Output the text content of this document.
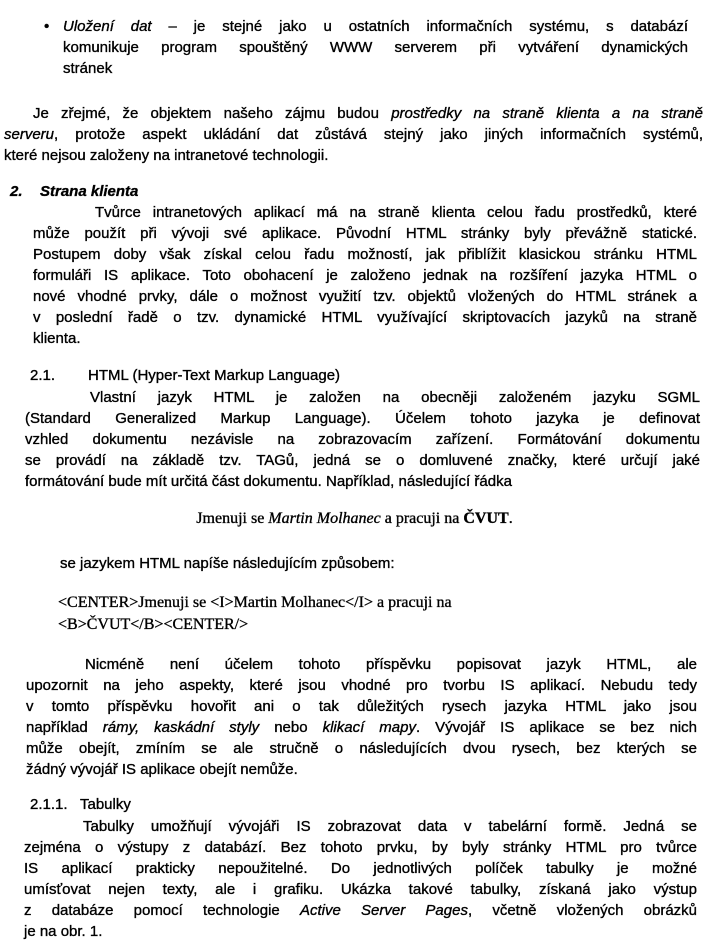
Uložení dat – je stejné jako u ostatních informačních systému, s databází
komunikuje program spouštěný WWW serverem při vytváření dynamických
stránek
•
Je zřejmé, že objektem našeho zájmu budou prostředky na straně klienta a na straně
serveru, protože aspekt ukládání dat zůstává stejný jako jiných informačních systémů,
které nejsou založeny na intranetové technologii.
2. Strana klienta
Tvůrce intranetových aplikací má na straně klienta celou řadu prostředků, které
může použít při vývoji své aplikace. Původní HTML stránky byly převážně statické.
Postupem doby však získal celou řadu možností, jak přiblížit klasickou stránku HTML
formuláři IS aplikace. Toto obohacení je založeno jednak na rozšíření jazyka HTML o
nové vhodné prvky, dále o možnost využití tzv. objektů vložených do HTML stránek a
v poslední řadě o tzv. dynamické HTML využívající skriptovacích jazyků na straně
klienta.
2.1. HTML (Hyper-Text Markup Language)
Vlastní jazyk HTML je založen na obecněji založeném jazyku SGML
(Standard Generalized Markup Language). Účelem tohoto jazyka je definovat
vzhled dokumentu nezávisle na zobrazovacím zařízení. Formátování dokumentu
se provádí na základě tzv. TAGů, jedná se o domluvené značky, které určují jaké
formátování bude mít určitá část dokumentu. Například, následující řádka
Jmenuji se Martin Molhanec a pracuji na ČVUT.
se jazykem HTML napíše následujícím způsobem:
<CENTER>Jmenuji se <I>Martin Molhanec</I> a pracuji na
<B>ČVUT</B><CENTER/>
Nicméně není účelem tohoto příspěvku popisovat jazyk HTML, ale
upozornit na jeho aspekty, které jsou vhodné pro tvorbu IS aplikací. Nebudu tedy
v tomto příspěvku hovořit ani o tak důležitých rysech jazyka HTML jako jsou
například rámy, kaskádní styly nebo klikací mapy. Vývojář IS aplikace se bez nich
může obejít, zmíním se ale stručně o následujících dvou rysech, bez kterých se
žádný vývojář IS aplikace obejít nemůže.
2.1.1. Tabulky
Tabulky umožňují vývojáři IS zobrazovat data v tabelární formě. Jedná se
zejména o výstupy z databází. Bez tohoto prvku, by byly stránky HTML pro tvůrce
IS aplikací prakticky nepoužitelné. Do jednotlivých políček tabulky je možné
umísťovat nejen texty, ale i grafiku. Ukázka takové tabulky, získaná jako výstup
z databáze pomocí technologie Active Server Pages, včetně vložených obrázků
je na obr. 1.
